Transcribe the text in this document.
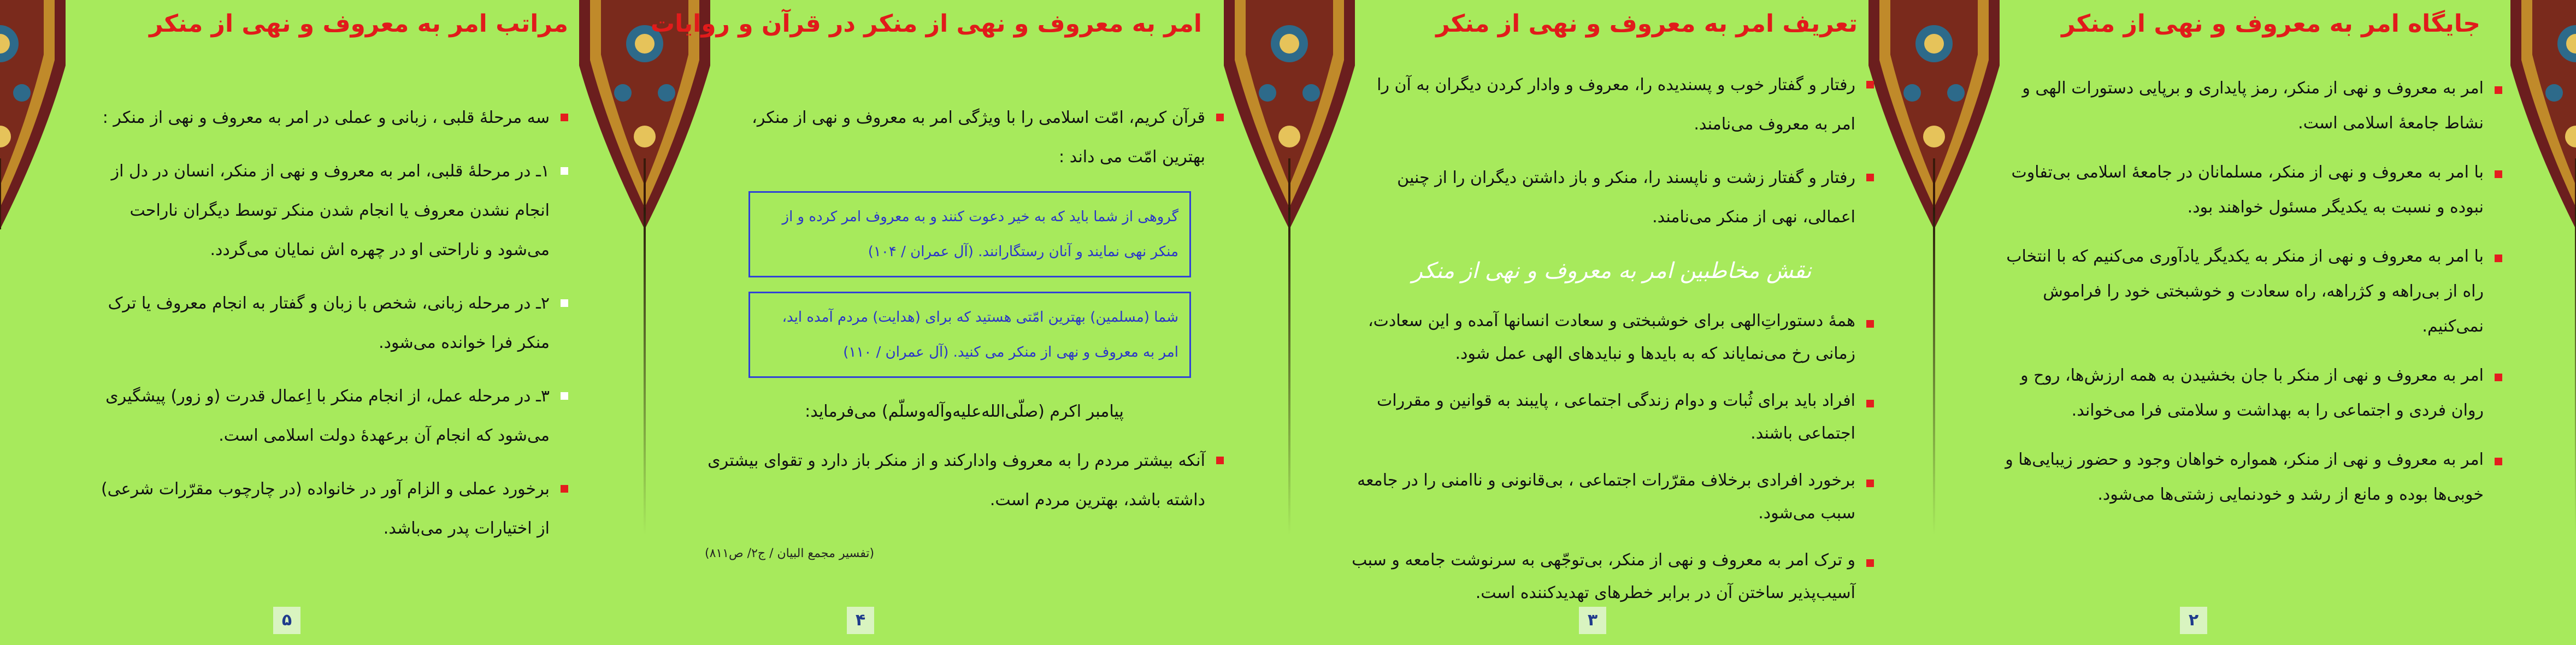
مراتب امر به معروف و نهی از منکر
سه مرحلهٔ قلبی ، زبانی و عملی در امر به معروف و نهی از منکر :
۱ـ در مرحلهٔ قلبی، امر به معروف و نهی از منکر، انسان در دل از انجام نشدن معروف یا انجام شدن منکر توسط دیگران ناراحت می‌شود و ناراحتی او در چهره اش نمایان می‌گردد.
۲ـ در مرحله زبانی، شخص با زبان و گفتار به انجام معروف یا ترک منکر فرا خوانده می‌شود.
۳ـ در مرحله عمل، از انجام منکر با اِعمال قدرت (و زور) پیشگیری می‌شود که انجام آن برعهدهٔ دولت اسلامی است.
برخورد عملی و الزام آور در خانواده (در چارچوب مقرّرات شرعی) از اختیارات پدر می‌باشد.
۵
امر به معروف و نهی از منکر در قرآن و روایات
قرآن کریم، امّت اسلامی را با ویژگی امر به معروف و نهی از منکر، بهترین امّت می داند :
گروهی از شما باید که به خیر دعوت کنند و به معروف امر کرده و از منکر نهی نمایند و آنان رستگارانند. (آل عمران / ۱۰۴)
شما (مسلمین) بهترین امّتی هستید که برای (هدایت) مردم آمده اید، امر به معروف و نهی از منکر می کنید. (آل عمران / ۱۱۰)
پیامبر اکرم (صلّی‌الله‌علیه‌وآله‌وسلّم) می‌فرماید:
آنکه بیشتر مردم را به معروف وادارکند و از منکر باز دارد و تقوای بیشتری داشته باشد، بهترین مردم است.
(تفسیر مجمع البیان / ج۲/ ص۸۱۱)
۴
تعریف امر به معروف و نهی از منکر
رفتار و گفتار خوب و پسندیده را، معروف و وادار کردن دیگران به آن را امر به معروف می‌نامند.
رفتار و گفتار زشت و ناپسند را، منکر و باز داشتن دیگران را از چنین اعمالی، نهی از منکر می‌نامند.
نقش مخاطبین امر به معروف و نهی از منکر
همهٔ دستوراتِ‌الهی برای خوشبختی و سعادت انسانها آمده و این سعادت، زمانی رخ می‌نمایاند که به بایدها و نبایدهای الهی عمل شود.
افراد باید برای ثُبات و دوام زندگی اجتماعی ، پایبند به قوانین و مقررات اجتماعی باشند.
برخورد افرادی برخلاف مقرّرات اجتماعی ، بی‌قانونی و ناامنی را در جامعه سبب می‌شود.
و ترک امر به معروف و نهی از منکر، بی‌توجّهی به سرنوشت جامعه و سبب آسیب‌پذیر ساختن آن در برابر خطرهای تهدیدکننده است.
۳
جایگاه امر به معروف و نهی از منکر
امر به معروف و نهی از منکر، رمز پایداری و برپایی دستورات الهی و نشاط جامعهٔ اسلامی است.
با امر به معروف و نهی از منکر، مسلمانان در جامعهٔ اسلامی بی‌تفاوت نبوده و نسبت به یکدیگر مسئول خواهند بود.
با امر به معروف و نهی از منکر به یکدیگر یادآوری می‌کنیم که با انتخاب راه از بی‌راهه و کژراهه، راه سعادت و خوشبختی خود را فراموش نمی‌کنیم.
امر به معروف و نهی از منکر با جان بخشیدن به همه ارزش‌ها، روح و روان فردی و اجتماعی را به بهداشت و سلامتی فرا می‌خواند.
امر به معروف و نهی از منکر، همواره خواهان وجود و حضور زیبایی‌ها و خوبی‌ها بوده و مانع از رشد و خودنمایی زشتی‌ها می‌شود.
۲
